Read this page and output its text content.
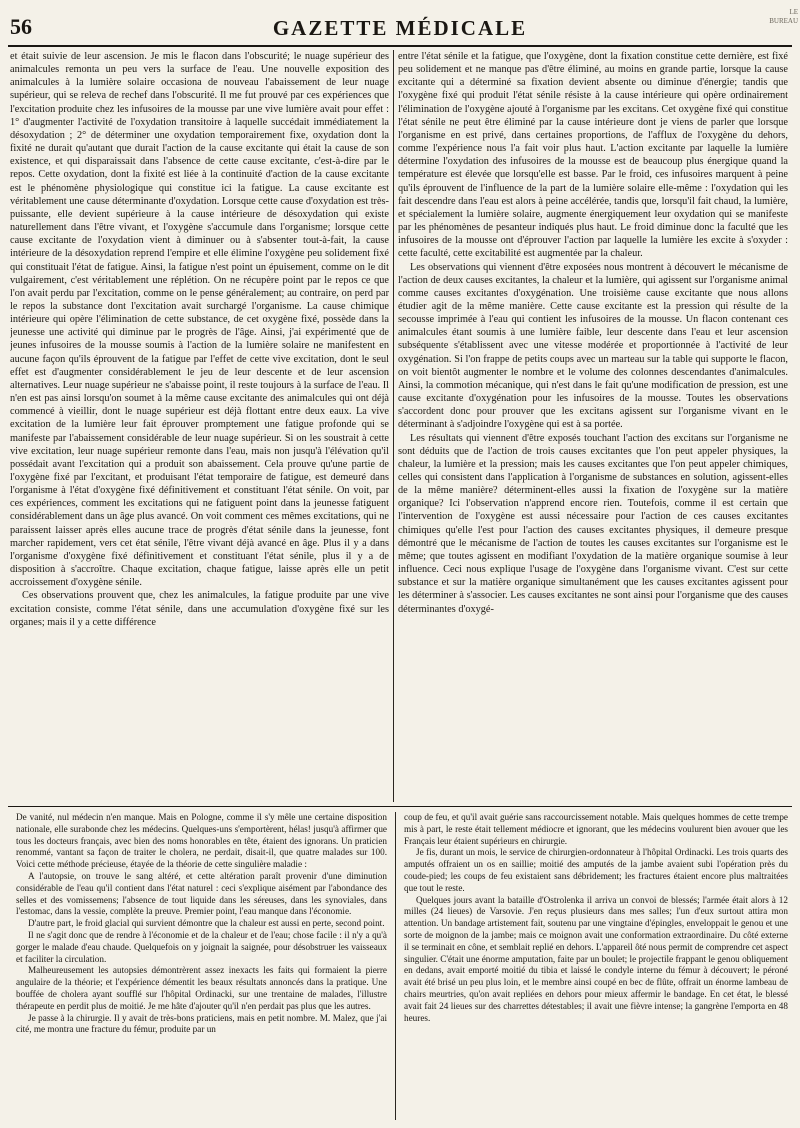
56	GAZETTE MÉDICALE
LE BUREAU

et était suivie de leur ascension. Je mis le flacon dans l'obscurité; le nuage supérieur des animalcules remonta un peu vers la surface de l'eau. Une nouvelle exposition des animalcules à la lumière solaire occasiona de nouveau l'abaissement de leur nuage supérieur, qui se releva de rechef dans l'obscurité. Il me fut prouvé par ces expériences que l'excitation produite chez les infusoires de la mousse par une vive lumière avait pour effet : 1° d'augmenter l'activité de l'oxydation transitoire à laquelle succédait immédiatement la désoxydation ; 2° de déterminer une oxydation temporairement fixe, oxydation dont la fixité ne durait qu'autant que durait l'action de la cause excitante qui était la cause de son existence, et qui disparaissait dans l'absence de cette cause excitante, c'est-à-dire par le repos. Cette oxydation, dont la fixité est liée à la continuité d'action de la cause excitante est le phénomène physiologique qui constitue ici la fatigue. La cause excitante est véritablement une cause déterminante d'oxydation. Lorsque cette cause d'oxydation est très-puissante, elle devient supérieure à la cause intérieure de désoxydation qui existe naturellement dans l'être vivant, et l'oxygène s'accumule dans l'organisme; lorsque cette cause excitante de l'oxydation vient à diminuer ou à s'absenter tout-à-fait, la cause intérieure de la désoxydation reprend l'empire et elle élimine l'oxygène peu solidement fixé qui constituait l'état de fatigue. Ainsi, la fatigue n'est point un épuisement, comme on le dit vulgairement, c'est véritablement une réplétion. On ne récupère point par le repos ce que l'on avait perdu par l'excitation, comme on le pense généralement; au contraire, on perd par le repos la substance dont l'excitation avait surchargé l'organisme. La cause chimique intérieure qui opère l'élimination de cette substance, de cet oxygène fixé, possède dans la jeunesse une activité qui diminue par le progrès de l'âge. Ainsi, j'ai expérimenté que de jeunes infusoires de la mousse soumis à l'action de la lumière solaire ne manifestent en aucune façon qu'ils éprouvent de la fatigue par l'effet de cette vive excitation, dont le seul effet est d'augmenter considérablement le jeu de leur descente et de leur ascension alternatives. Leur nuage supérieur ne s'abaisse point, il reste toujours à la surface de l'eau. Il n'en est pas ainsi lorsqu'on soumet à la même cause excitante des animalcules qui ont déjà commencé à vieillir, dont le nuage supérieur est déjà flottant entre deux eaux. La vive excitation de la lumière leur fait éprouver promptement une fatigue profonde qui se manifeste par l'abaissement considérable de leur nuage supérieur. Si on les soustrait à cette vive excitation, leur nuage supérieur remonte dans l'eau, mais non jusqu'à l'élévation qu'il possédait avant l'excitation qui a produit son abaissement. Cela prouve qu'une partie de l'oxygène fixé par l'excitant, et produisant l'état temporaire de fatigue, est demeuré dans l'organisme à l'état d'oxygène fixé définitivement et constituant l'état sénile. On voit, par ces expériences, comment les excitations qui ne fatiguent point dans la jeunesse fatiguent considérablement dans un âge plus avancé. On voit comment ces mêmes excitations, qui ne paraissent laisser après elles aucune trace de progrès d'état sénile dans la jeunesse, font marcher rapidement, vers cet état sénile, l'être vivant déjà avancé en âge. Plus il y a dans l'organisme d'oxygène fixé définitivement et constituant l'état sénile, plus il y a de disposition à s'accroître. Chaque excitation, chaque fatigue, laisse après elle un petit accroissement d'oxygène sénile.

Ces observations prouvent que, chez les animalcules, la fatigue produite par une vive excitation consiste, comme l'état sénile, dans une accumulation d'oxygène fixé sur les organes; mais il y a cette différence

entre l'état sénile et la fatigue, que l'oxygène, dont la fixation constitue cette dernière, est fixé peu solidement et ne manque pas d'être éliminé, au moins en grande partie, lorsque la cause excitante qui a déterminé sa fixation devient absente ou diminue d'énergie; tandis que l'oxygène fixé qui produit l'état sénile résiste à la cause intérieure qui opère ordinairement l'élimination de l'oxygène ajouté à l'organisme par les excitans. Cet oxygène fixé qui constitue l'état sénile ne peut être éliminé par la cause intérieure dont je viens de parler que lorsque l'organisme en est privé, dans certaines proportions, de l'afflux de l'oxygène du dehors, comme l'expérience nous l'a fait voir plus haut. L'action excitante par laquelle la lumière détermine l'oxydation des infusoires de la mousse est de beaucoup plus énergique quand la température est élevée que lorsqu'elle est basse. Par le froid, ces infusoires marquent à peine qu'ils éprouvent de l'influence de la part de la lumière solaire elle-même : l'oxydation qui les fait descendre dans l'eau est alors à peine accélérée, tandis que, lorsqu'il fait chaud, la lumière, et spécialement la lumière solaire, augmente énergiquement leur oxydation qui se manifeste par les phénomènes de pesanteur indiqués plus haut. Le froid diminue donc la faculté que les infusoires de la mousse ont d'éprouver l'action par laquelle la lumière les excite à s'oxyder : cette faculté, cette excitabilité est augmentée par la chaleur.

Les observations qui viennent d'être exposées nous montrent à découvert le mécanisme de l'action de deux causes excitantes, la chaleur et la lumière, qui agissent sur l'organisme animal comme causes excitantes d'oxygénation. Une troisième cause excitante que nous allons étudier agit de la même manière. Cette cause excitante est la pression qui résulte de la secousse imprimée à l'eau qui contient les infusoires de la mousse. Un flacon contenant ces animalcules étant soumis à une lumière faible, leur descente dans l'eau et leur ascension subséquente s'établissent avec une vitesse modérée et proportionnée à l'activité de leur oxygénation. Si l'on frappe de petits coups avec un marteau sur la table qui supporte le flacon, on voit bientôt augmenter le nombre et le volume des colonnes descendantes d'animalcules. Ainsi, la commotion mécanique, qui n'est dans le fait qu'une modification de pression, est une cause excitante d'oxygénation pour les infusoires de la mousse. Toutes les observations s'accordent donc pour prouver que les excitans agissent sur l'organisme vivant en le déterminant à s'adjoindre l'oxygène qui est à sa portée.

Les résultats qui viennent d'être exposés touchant l'action des excitans sur l'organisme ne sont déduits que de l'action de trois causes excitantes que l'on peut appeler physiques, la chaleur, la lumière et la pression; mais les causes excitantes que l'on peut appeler chimiques, celles qui consistent dans l'application à l'organisme de substances en solution, agissent-elles de la même manière? déterminent-elles aussi la fixation de l'oxygène sur la matière organique? Ici l'observation n'apprend encore rien. Toutefois, comme il est certain que l'intervention de l'oxygène est aussi nécessaire pour l'action de ces causes excitantes chimiques qu'elle l'est pour l'action des causes excitantes physiques, il demeure presque démontré que le mécanisme de l'action de toutes les causes excitantes sur l'organisme est le même; que toutes agissent en modifiant l'oxydation de la matière organique soumise à leur influence. Ceci nous explique l'usage de l'oxygène dans l'organisme vivant. C'est sur cette substance et sur la matière organique simultanément que les causes excitantes agissent pour les déterminer à s'associer. Les causes excitantes ne sont ainsi pour l'organisme que des causes déterminantes d'oxygé-

De vanité, nul médecin n'en manque. Mais en Pologne, comme il s'y mêle une certaine disposition nationale, elle surabonde chez les médecins. Quelques-uns s'emportèrent, hélas! jusqu'à affirmer que tous les docteurs français, avec bien des noms honorables en tête, étaient des ignorans. Un praticien renommé, vantant sa façon de traiter le cholera, ne perdait, disait-il, que quatre malades sur 100. Voici cette méthode précieuse, étayée de la théorie de cette singulière maladie :

A l'autopsie, on trouve le sang altéré, et cette altération paraît provenir d'une diminution considérable de l'eau qu'il contient dans l'état naturel : ceci s'explique aisément par l'abondance des selles et des vomissemens; l'absence de tout liquide dans les séreuses, dans les synoviales, dans l'estomac, dans la vessie, complète la preuve. Premier point, l'eau manque dans l'économie.

D'autre part, le froid glacial qui survient démontre que la chaleur est aussi en perte, second point.

Il ne s'agit donc que de rendre à l'économie et de la chaleur et de l'eau; chose facile : il n'y a qu'à gorger le malade d'eau chaude. Quelquefois on y joignait la saignée, pour désobstruer les vaisseaux et faciliter la circulation.

Malheureusement les autopsies démontrèrent assez inexacts les faits qui formaient la pierre angulaire de la théorie; et l'expérience démentit les beaux résultats annoncés dans la pratique. Une bouffée de cholera ayant soufflé sur l'hôpital Ordinacki, sur une trentaine de malades, l'illustre thérapeute en perdit plus de moitié. Je me hâte d'ajouter qu'il n'en perdait pas plus que les autres.

Je passe à la chirurgie. Il y avait de très-bons praticiens, mais en petit nombre. M. Malez, que j'ai cité, me montra une fracture du fémur, produite par un

coup de feu, et qu'il avait guérie sans raccourcissement notable. Mais quelques hommes de cette trempe mis à part, le reste était tellement médiocre et ignorant, que les médecins voulurent bien avouer que les Français leur étaient supérieurs en chirurgie.

Je fis, durant un mois, le service de chirurgien-ordonnateur à l'hôpital Ordinacki. Les trois quarts des amputés offraient un os en saillie; moitié des amputés de la jambe avaient subi l'opération près du coude-pied; les coups de feu existaient sans débridement; les fractures étaient encore plus maltraitées que tout le reste.

Quelques jours avant la bataille d'Ostrolenka il arriva un convoi de blessés; l'armée était alors à 12 milles (24 lieues) de Varsovie. J'en reçus plusieurs dans mes salles; l'un d'eux surtout attira mon attention. Un bandage artistement fait, soutenu par une vingtaine d'épingles, enveloppait le genou et une sorte de moignon de la jambe; mais ce moignon avait une conformation extraordinaire. Du côté externe il se terminait en cône, et semblait replié en dehors. L'appareil ôté nous permit de comprendre cet aspect singulier. C'était une énorme amputation, faite par un boulet; le projectile frappant le genou obliquement en dedans, avait emporté moitié du tibia et laissé le condyle interne du fémur à découvert; le péroné avait été brisé un peu plus loin, et le membre ainsi coupé en bec de flûte, offrait un énorme lambeau de chairs meurtries, qu'on avait repliées en dehors pour mieux affermir le bandage. En cet état, le blessé avait fait 24 lieues sur des charrettes détestables; il avait une fièvre intense; la gangrène l'emporta en 48 heures.
